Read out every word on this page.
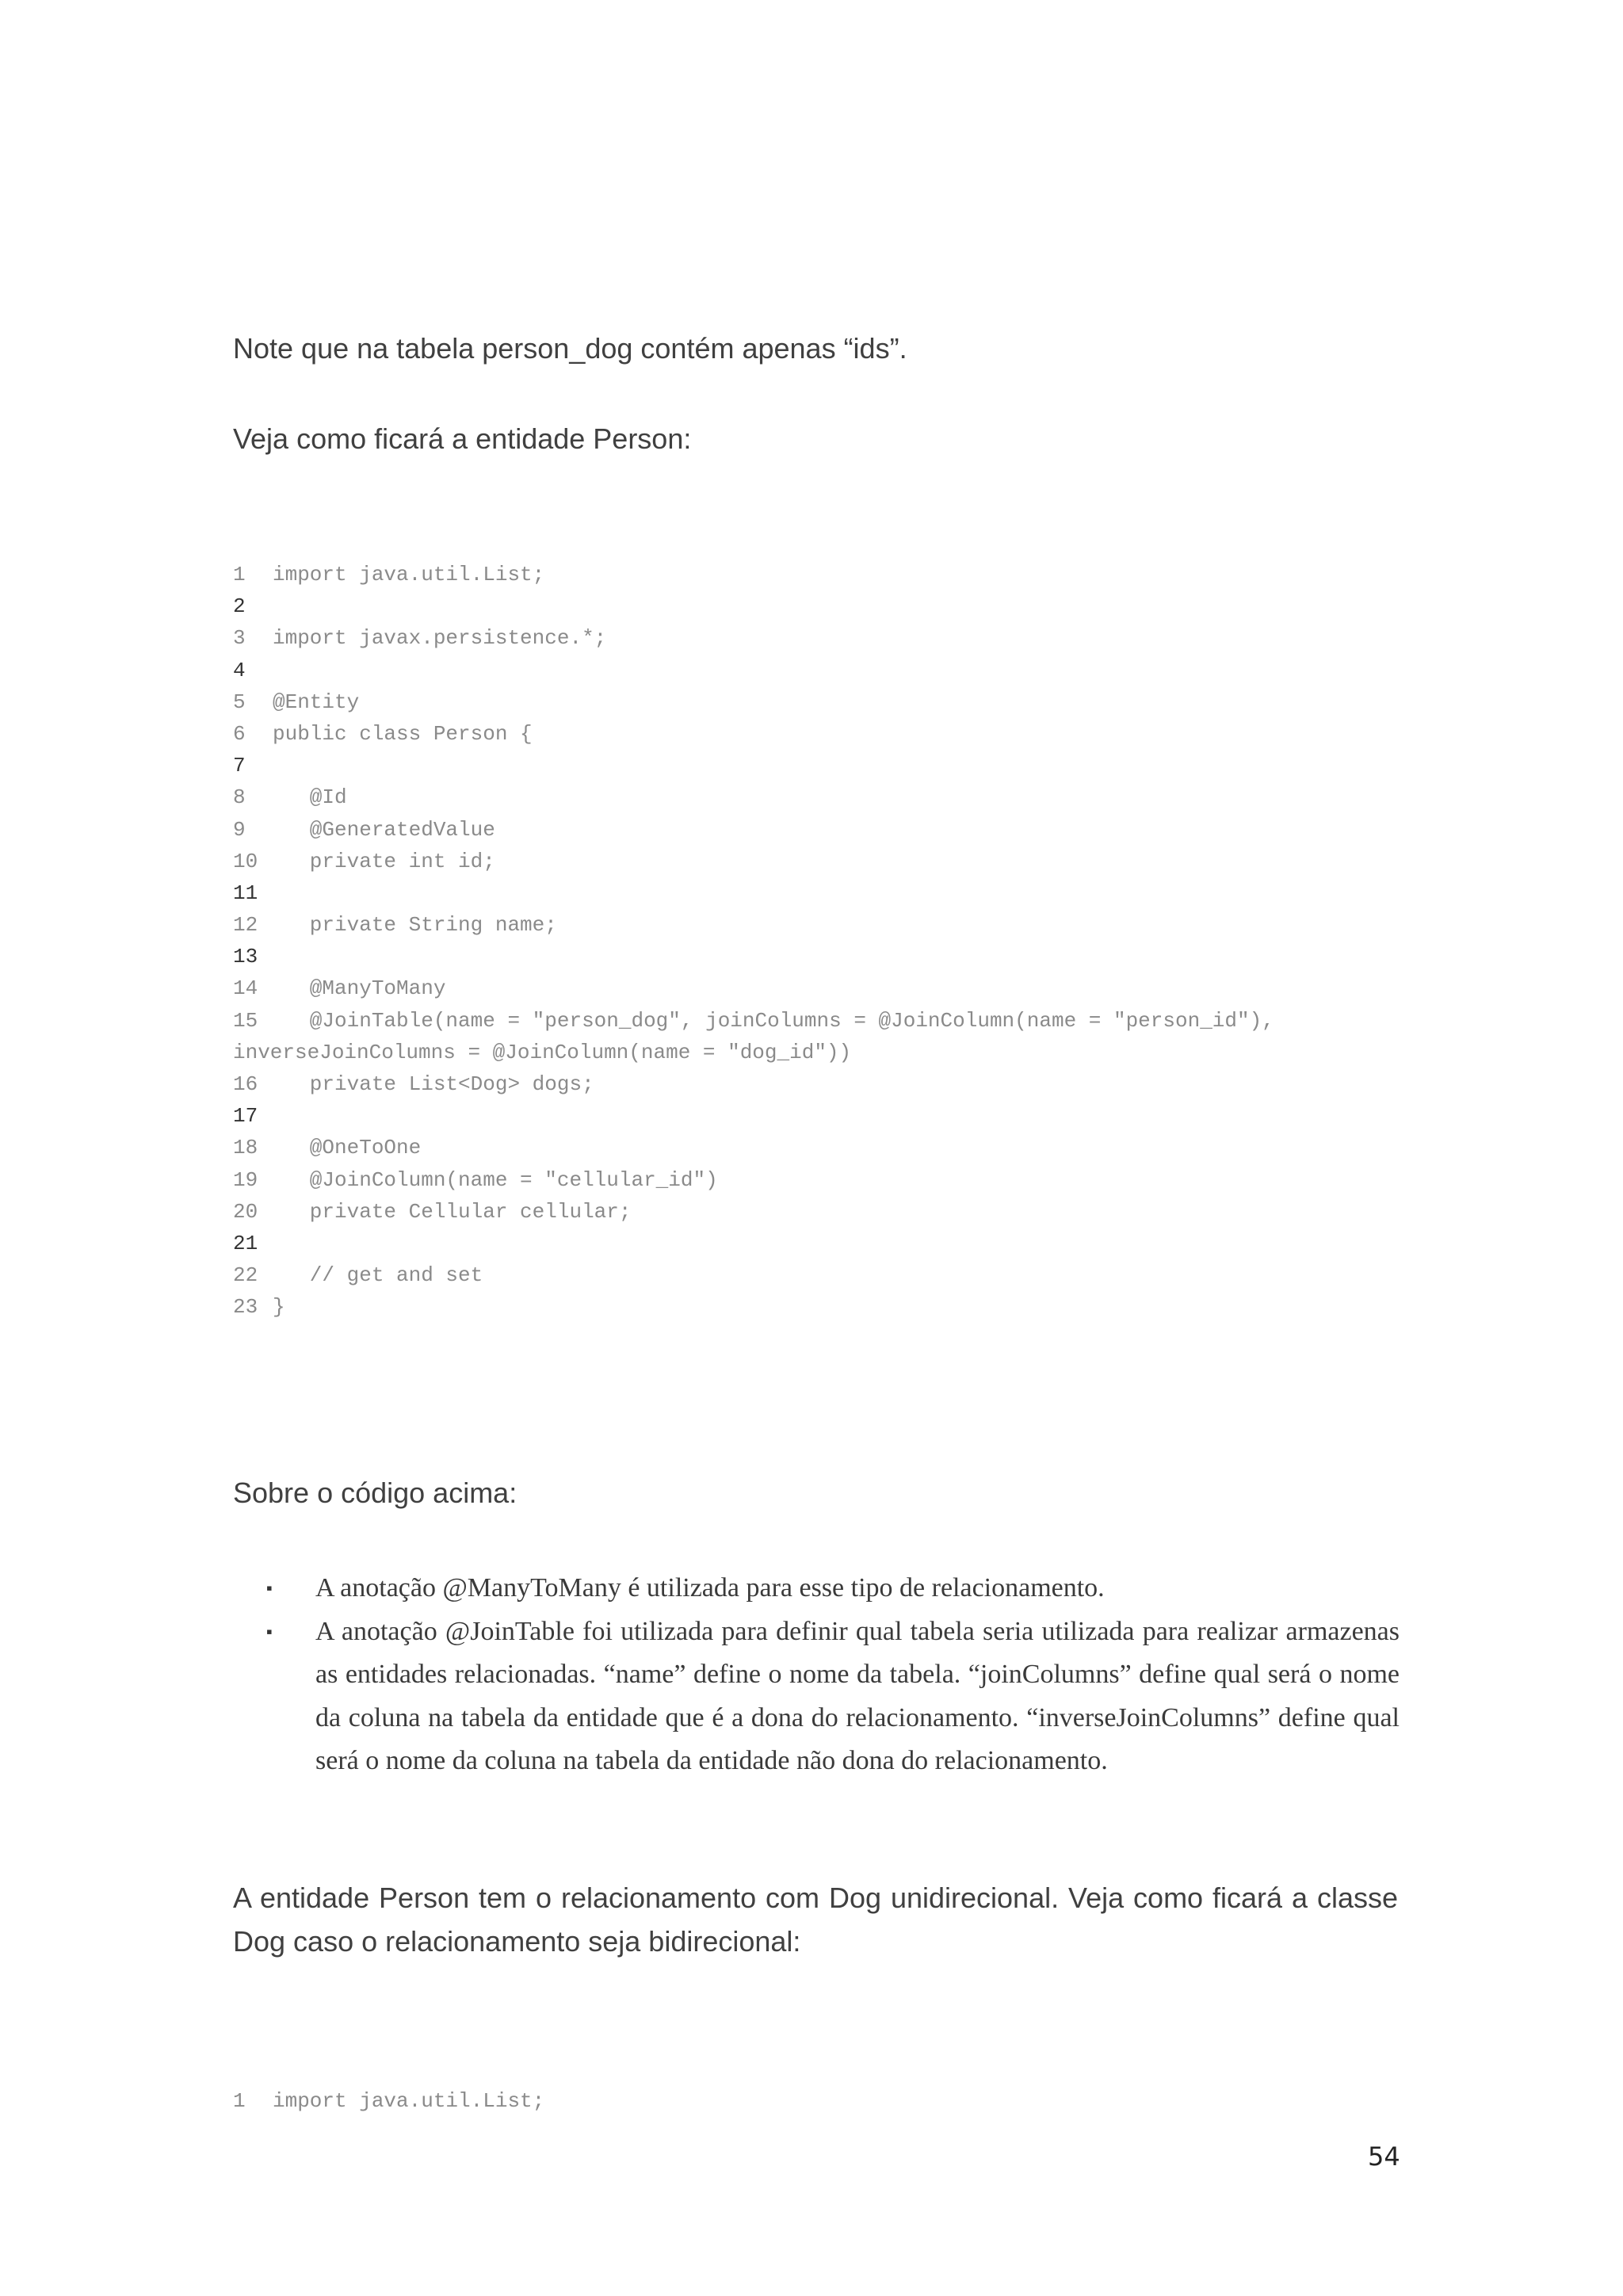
Note que na tabela person_dog contém apenas “ids”.

Veja como ficará a entidade Person:

1 import java.util.List;
2
3 import javax.persistence.*;
4
5 @Entity
6 public class Person {
7
8   @Id
9   @GeneratedValue
10   private int id;
11
12   private String name;
13
14   @ManyToMany
15   @JoinTable(name = "person_dog", joinColumns = @JoinColumn(name = "person_id"),
inverseJoinColumns = @JoinColumn(name = "dog_id"))
16   private List<Dog> dogs;
17
18   @OneToOne
19   @JoinColumn(name = "cellular_id")
20   private Cellular cellular;
21
22   // get and set
23 }

Sobre o código acima:

▪	A anotação @ManyToMany é utilizada para esse tipo de relacionamento.
▪	A anotação @JoinTable foi utilizada para definir qual tabela seria utilizada para realizar armazenas as entidades relacionadas. “name” define o nome da tabela. “joinColumns” define qual será o nome da coluna na tabela da entidade que é a dona do relacionamento. “inverseJoinColumns” define qual será o nome da coluna na tabela da entidade não dona do relacionamento.

A entidade Person tem o relacionamento com Dog unidirecional. Veja como ficará a classe Dog caso o relacionamento seja bidirecional:

1 import java.util.List;
54
